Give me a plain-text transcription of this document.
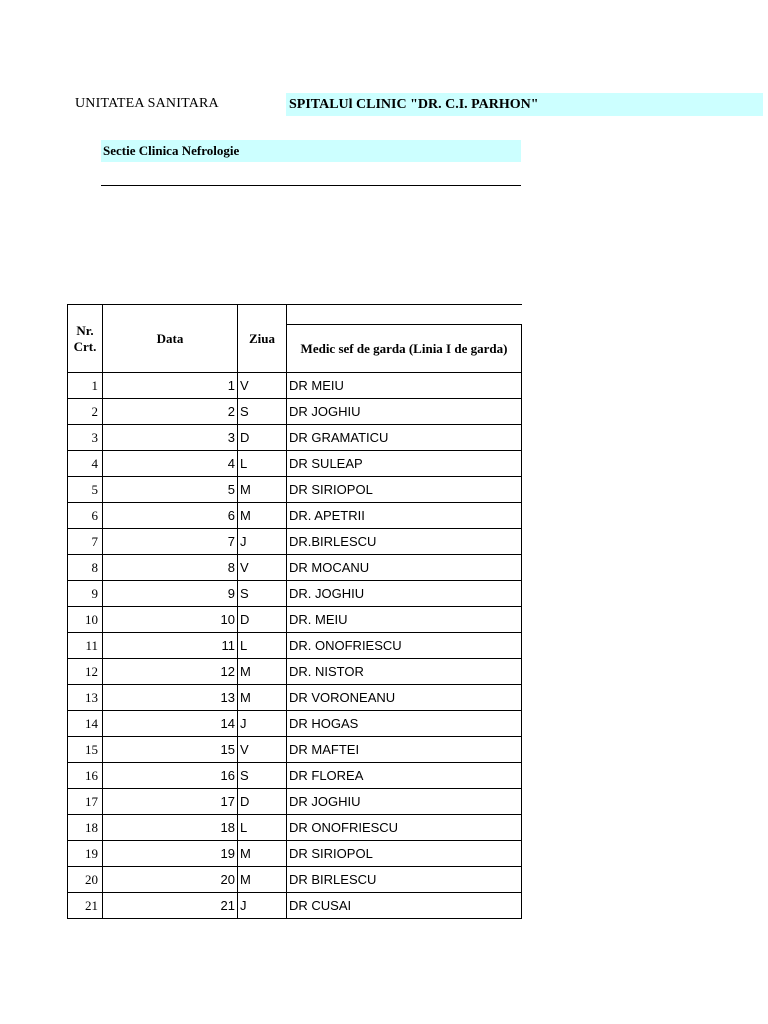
UNITATEA SANITARA	SPITALUl CLINIC "DR. C.I. PARHON"
Sectie Clinica Nefrologie
Nr. Crt.	Data	Ziua	
			Medic sef de garda (Linia I de garda)
1	1	V	DR MEIU
2	2	S	DR JOGHIU
3	3	D	DR GRAMATICU
4	4	L	DR SULEAP
5	5	M	DR SIRIOPOL
6	6	M	DR. APETRII
7	7	J	DR.BIRLESCU
8	8	V	DR MOCANU
9	9	S	DR. JOGHIU
10	10	D	DR. MEIU
11	11	L	DR. ONOFRIESCU
12	12	M	DR. NISTOR
13	13	M	DR VORONEANU
14	14	J	DR HOGAS
15	15	V	DR MAFTEI
16	16	S	DR FLOREA
17	17	D	DR JOGHIU
18	18	L	DR ONOFRIESCU
19	19	M	DR SIRIOPOL
20	20	M	DR BIRLESCU
21	21	J	DR CUSAI
